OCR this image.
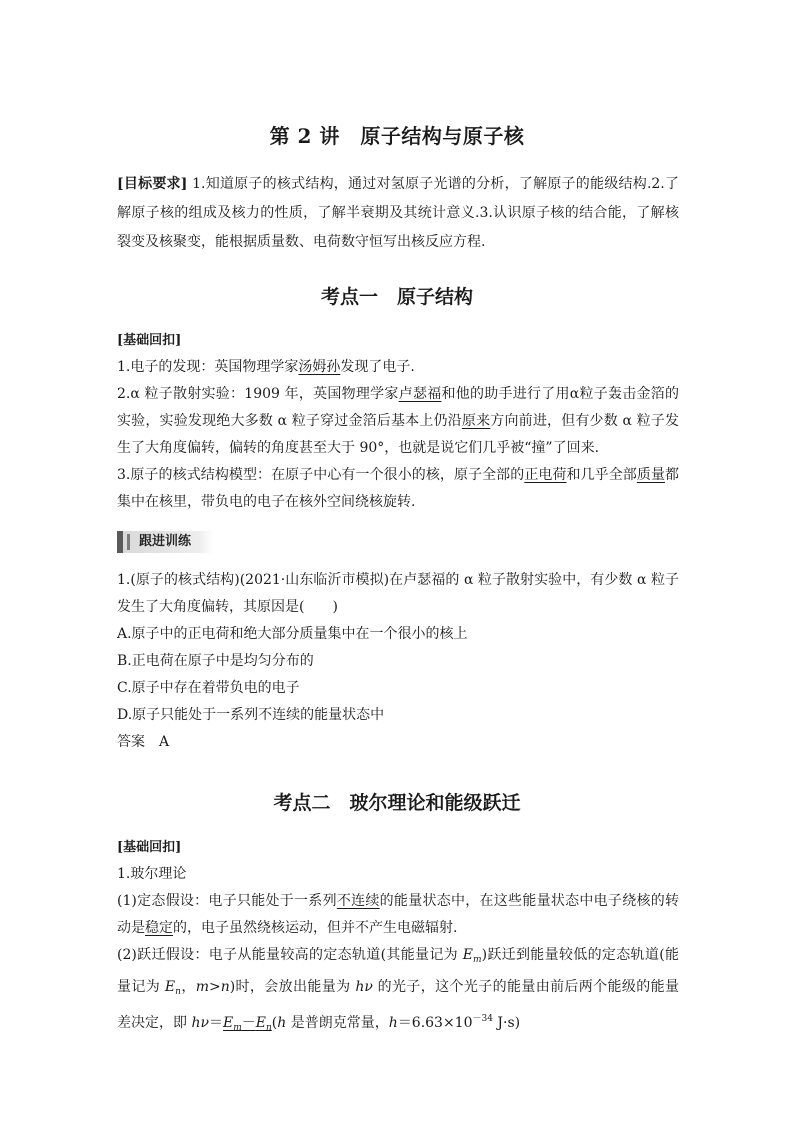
第 2 讲　原子结构与原子核
[目标要求] 1.知道原子的核式结构，通过对氢原子光谱的分析，了解原子的能级结构.2.了解原子核的组成及核力的性质，了解半衰期及其统计意义.3.认识原子核的结合能，了解核裂变及核聚变，能根据质量数、电荷数守恒写出核反应方程.
考点一　原子结构

[基础回扣]

1.电子的发现：英国物理学家汤姆孙发现了电子.

2.α 粒子散射实验：1909 年，英国物理学家卢瑟福和他的助手进行了用α粒子轰击金箔的实验，实验发现绝大多数 α 粒子穿过金箔后基本上仍沿原来方向前进，但有少数 α 粒子发生了大角度偏转，偏转的角度甚至大于 90°，也就是说它们几乎被“撞”了回来.

3.原子的核式结构模型：在原子中心有一个很小的核，原子全部的正电荷和几乎全部质量都集中在核里，带负电的电子在核外空间绕核旋转.

跟进训练

1.(原子的核式结构)(2021·山东临沂市模拟)在卢瑟福的 α 粒子散射实验中，有少数 α 粒子发生了大角度偏转，其原因是(　　)

A.原子中的正电荷和绝大部分质量集中在一个很小的核上

B.正电荷在原子中是均匀分布的

C.原子中存在着带负电的电子

D.原子只能处于一系列不连续的能量状态中

答案　A

考点二　玻尔理论和能级跃迁

[基础回扣]

1.玻尔理论

(1)定态假设：电子只能处于一系列不连续的能量状态中，在这些能量状态中电子绕核的转动是稳定的，电子虽然绕核运动，但并不产生电磁辐射.

(2)跃迁假设：电子从能量较高的定态轨道(其能量记为 $E_m$)跃迁到能量较低的定态轨道(能量记为 $E_n$，m>n)时，会放出能量为 hν 的光子，这个光子的能量由前后两个能级的能量差决定，即 $h\nu=E_m-E_n(h$ 是普朗克常量，$h=6.63\times 10^{-34}$ J·s)
